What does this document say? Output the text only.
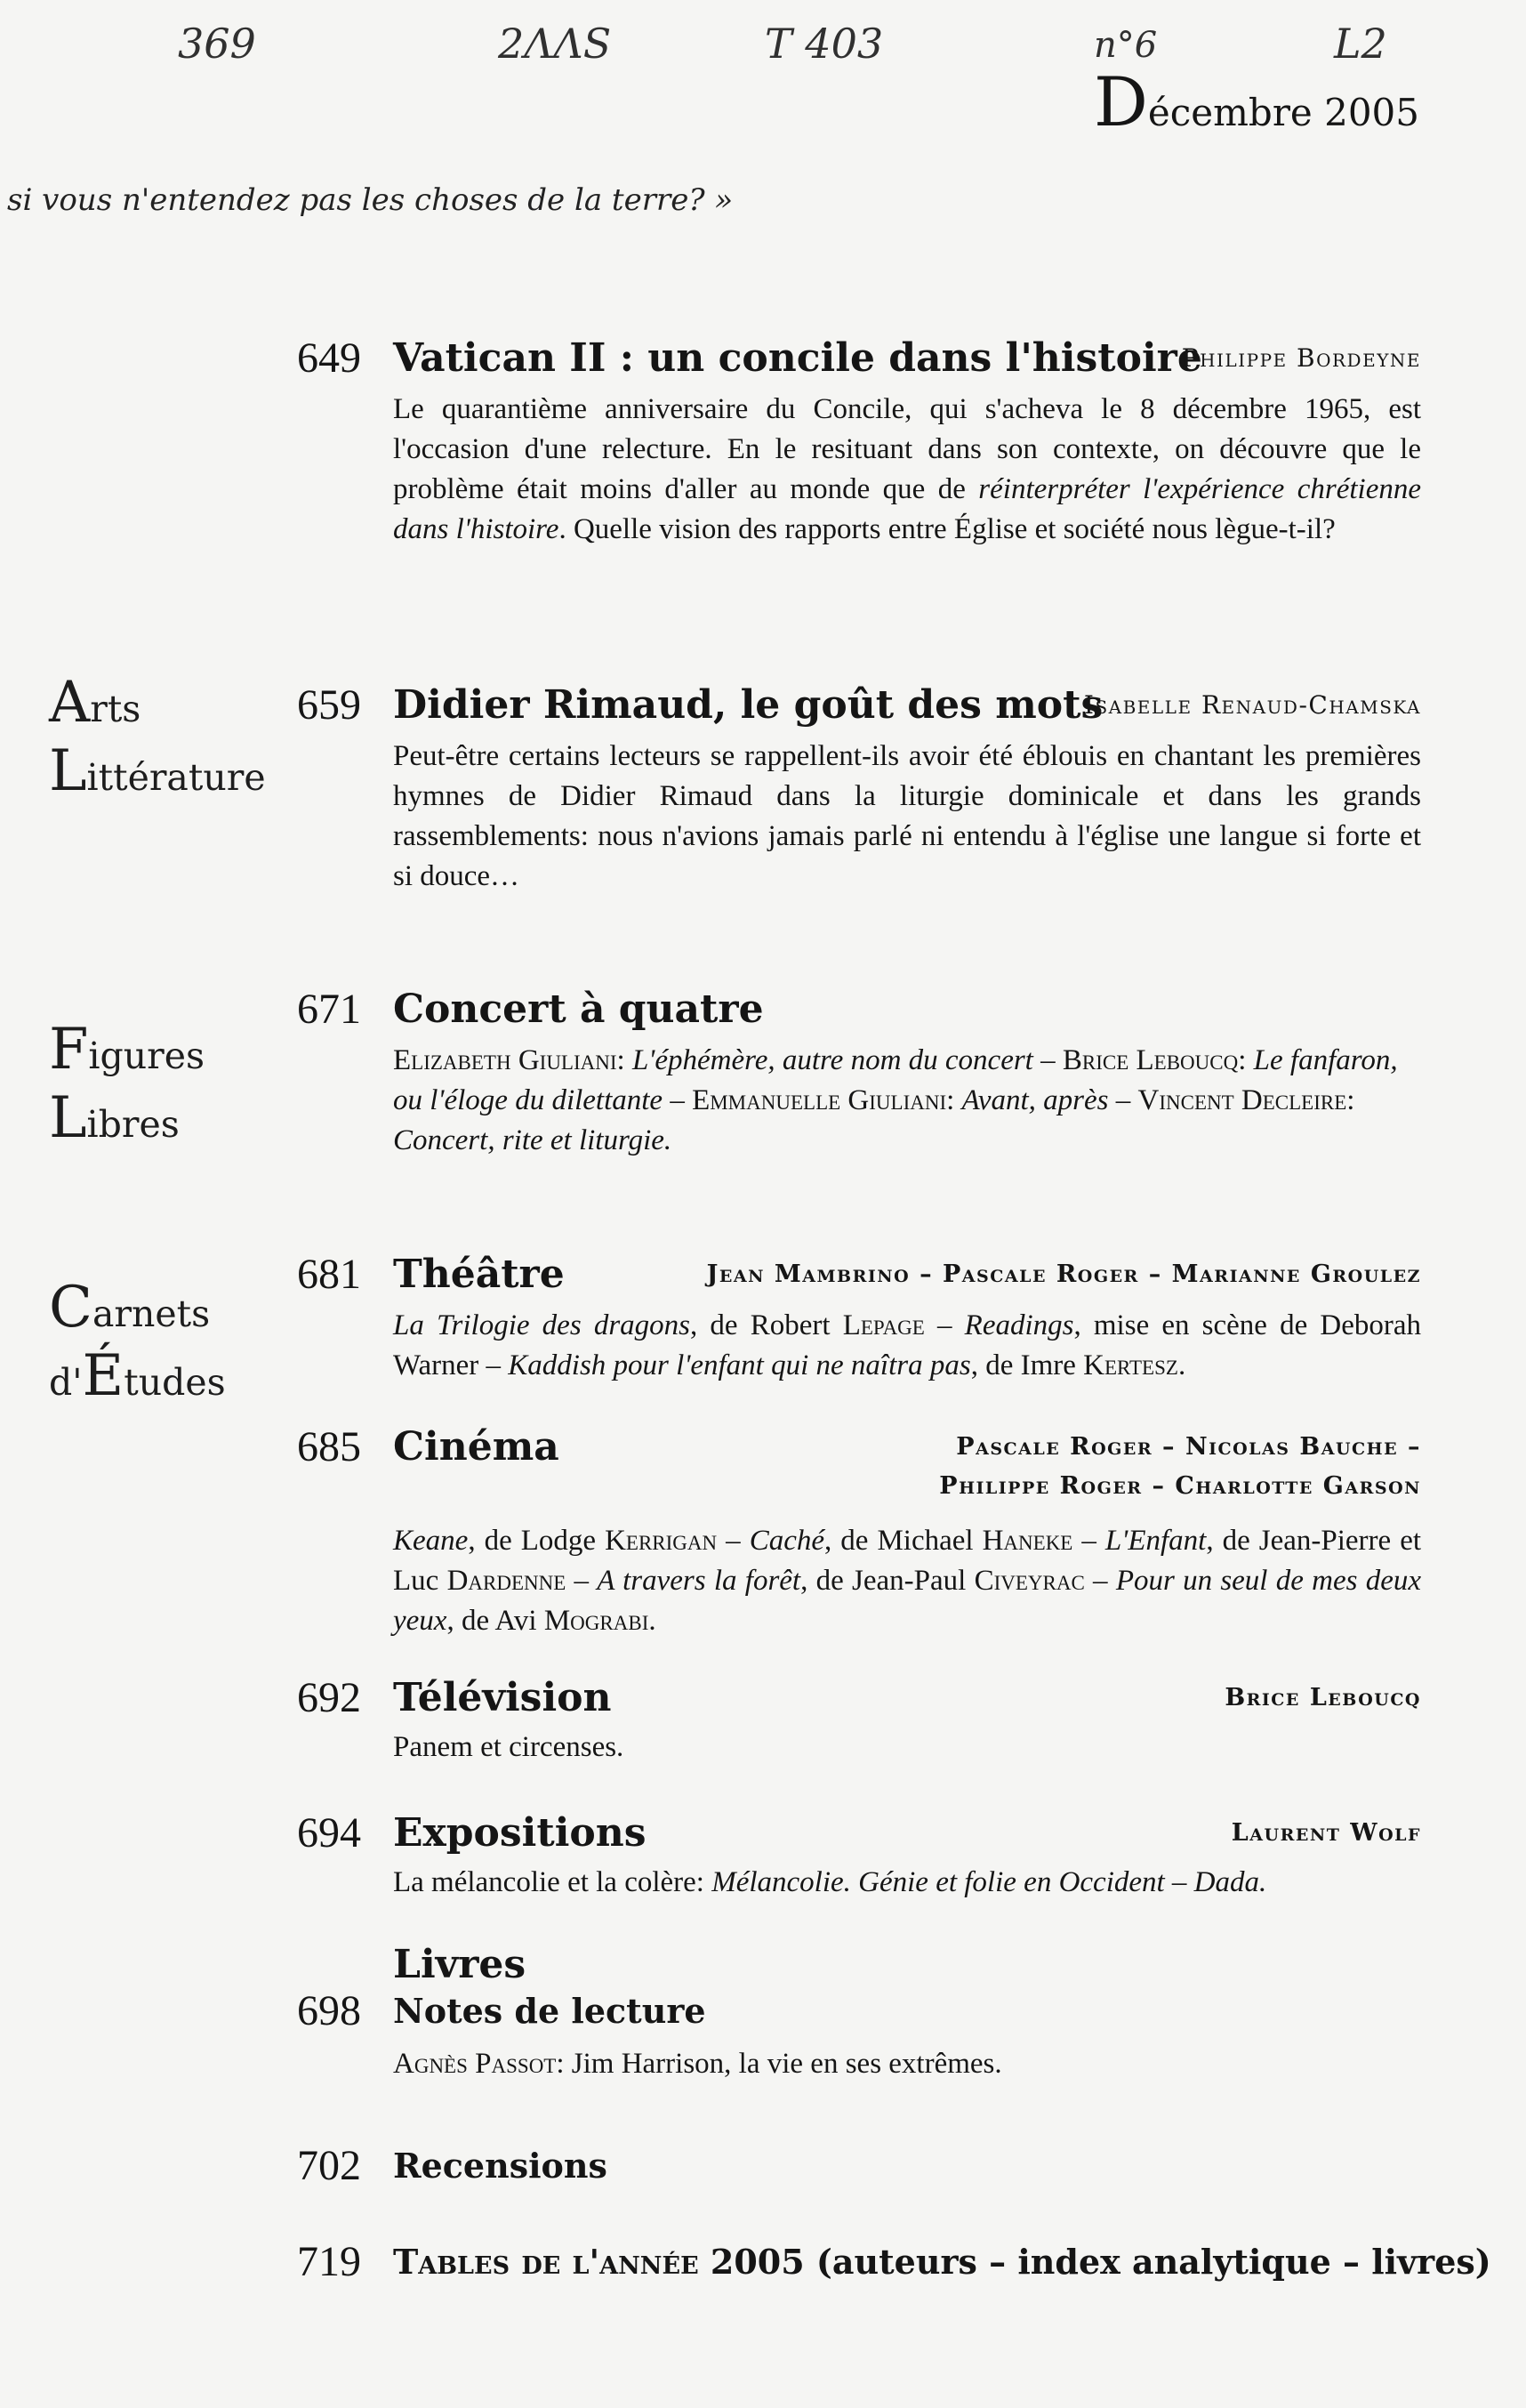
369	2ΛΛS	T 403	n°6	L2
Décembre 2005
si vous n'entendez pas les choses de la terre? »
Arts
Littérature
Figures
Libres
Carnets
d'Études
649 Vatican II : un concile dans l'histoire
Philippe Bordeyne
Le quarantième anniversaire du Concile, qui s'acheva le 8 décembre 1965, est l'occasion d'une relecture. En le resituant dans son contexte, on découvre que le problème était moins d'aller au monde que de réinterpréter l'expérience chrétienne dans l'histoire. Quelle vision des rapports entre Église et société nous lègue-t-il?
659 Didier Rimaud, le goût des mots
Isabelle Renaud-Chamska
Peut-être certains lecteurs se rappellent-ils avoir été éblouis en chantant les premières hymnes de Didier Rimaud dans la liturgie dominicale et dans les grands rassemblements: nous n'avions jamais parlé ni entendu à l'église une langue si forte et si douce…
671 Concert à quatre
Elizabeth Giuliani: L'éphémère, autre nom du concert – Brice Leboucq: Le fanfaron, ou l'éloge du dilettante – Emmanuelle Giuliani: Avant, après – Vincent Decleire: Concert, rite et liturgie.
681 Théâtre	Jean Mambrino – Pascale Roger – Marianne Groulez
La Trilogie des dragons, de Robert Lepage – Readings, mise en scène de Deborah Warner – Kaddish pour l'enfant qui ne naîtra pas, de Imre Kertesz.
685 Cinéma	Pascale Roger – Nicolas Bauche –
Philippe Roger – Charlotte Garson
Keane, de Lodge Kerrigan – Caché, de Michael Haneke – L'Enfant, de Jean-Pierre et Luc Dardenne – A travers la forêt, de Jean-Paul Civeyrac – Pour un seul de mes deux yeux, de Avi Mograbi.
692 Télévision	Brice Leboucq
Panem et circenses.
694 Expositions	Laurent Wolf
La mélancolie et la colère: Mélancolie. Génie et folie en Occident – Dada.
Livres
698 Notes de lecture
Agnès Passot: Jim Harrison, la vie en ses extrêmes.
702 Recensions
719 Tables de l'année 2005 (auteurs – index analytique – livres)
